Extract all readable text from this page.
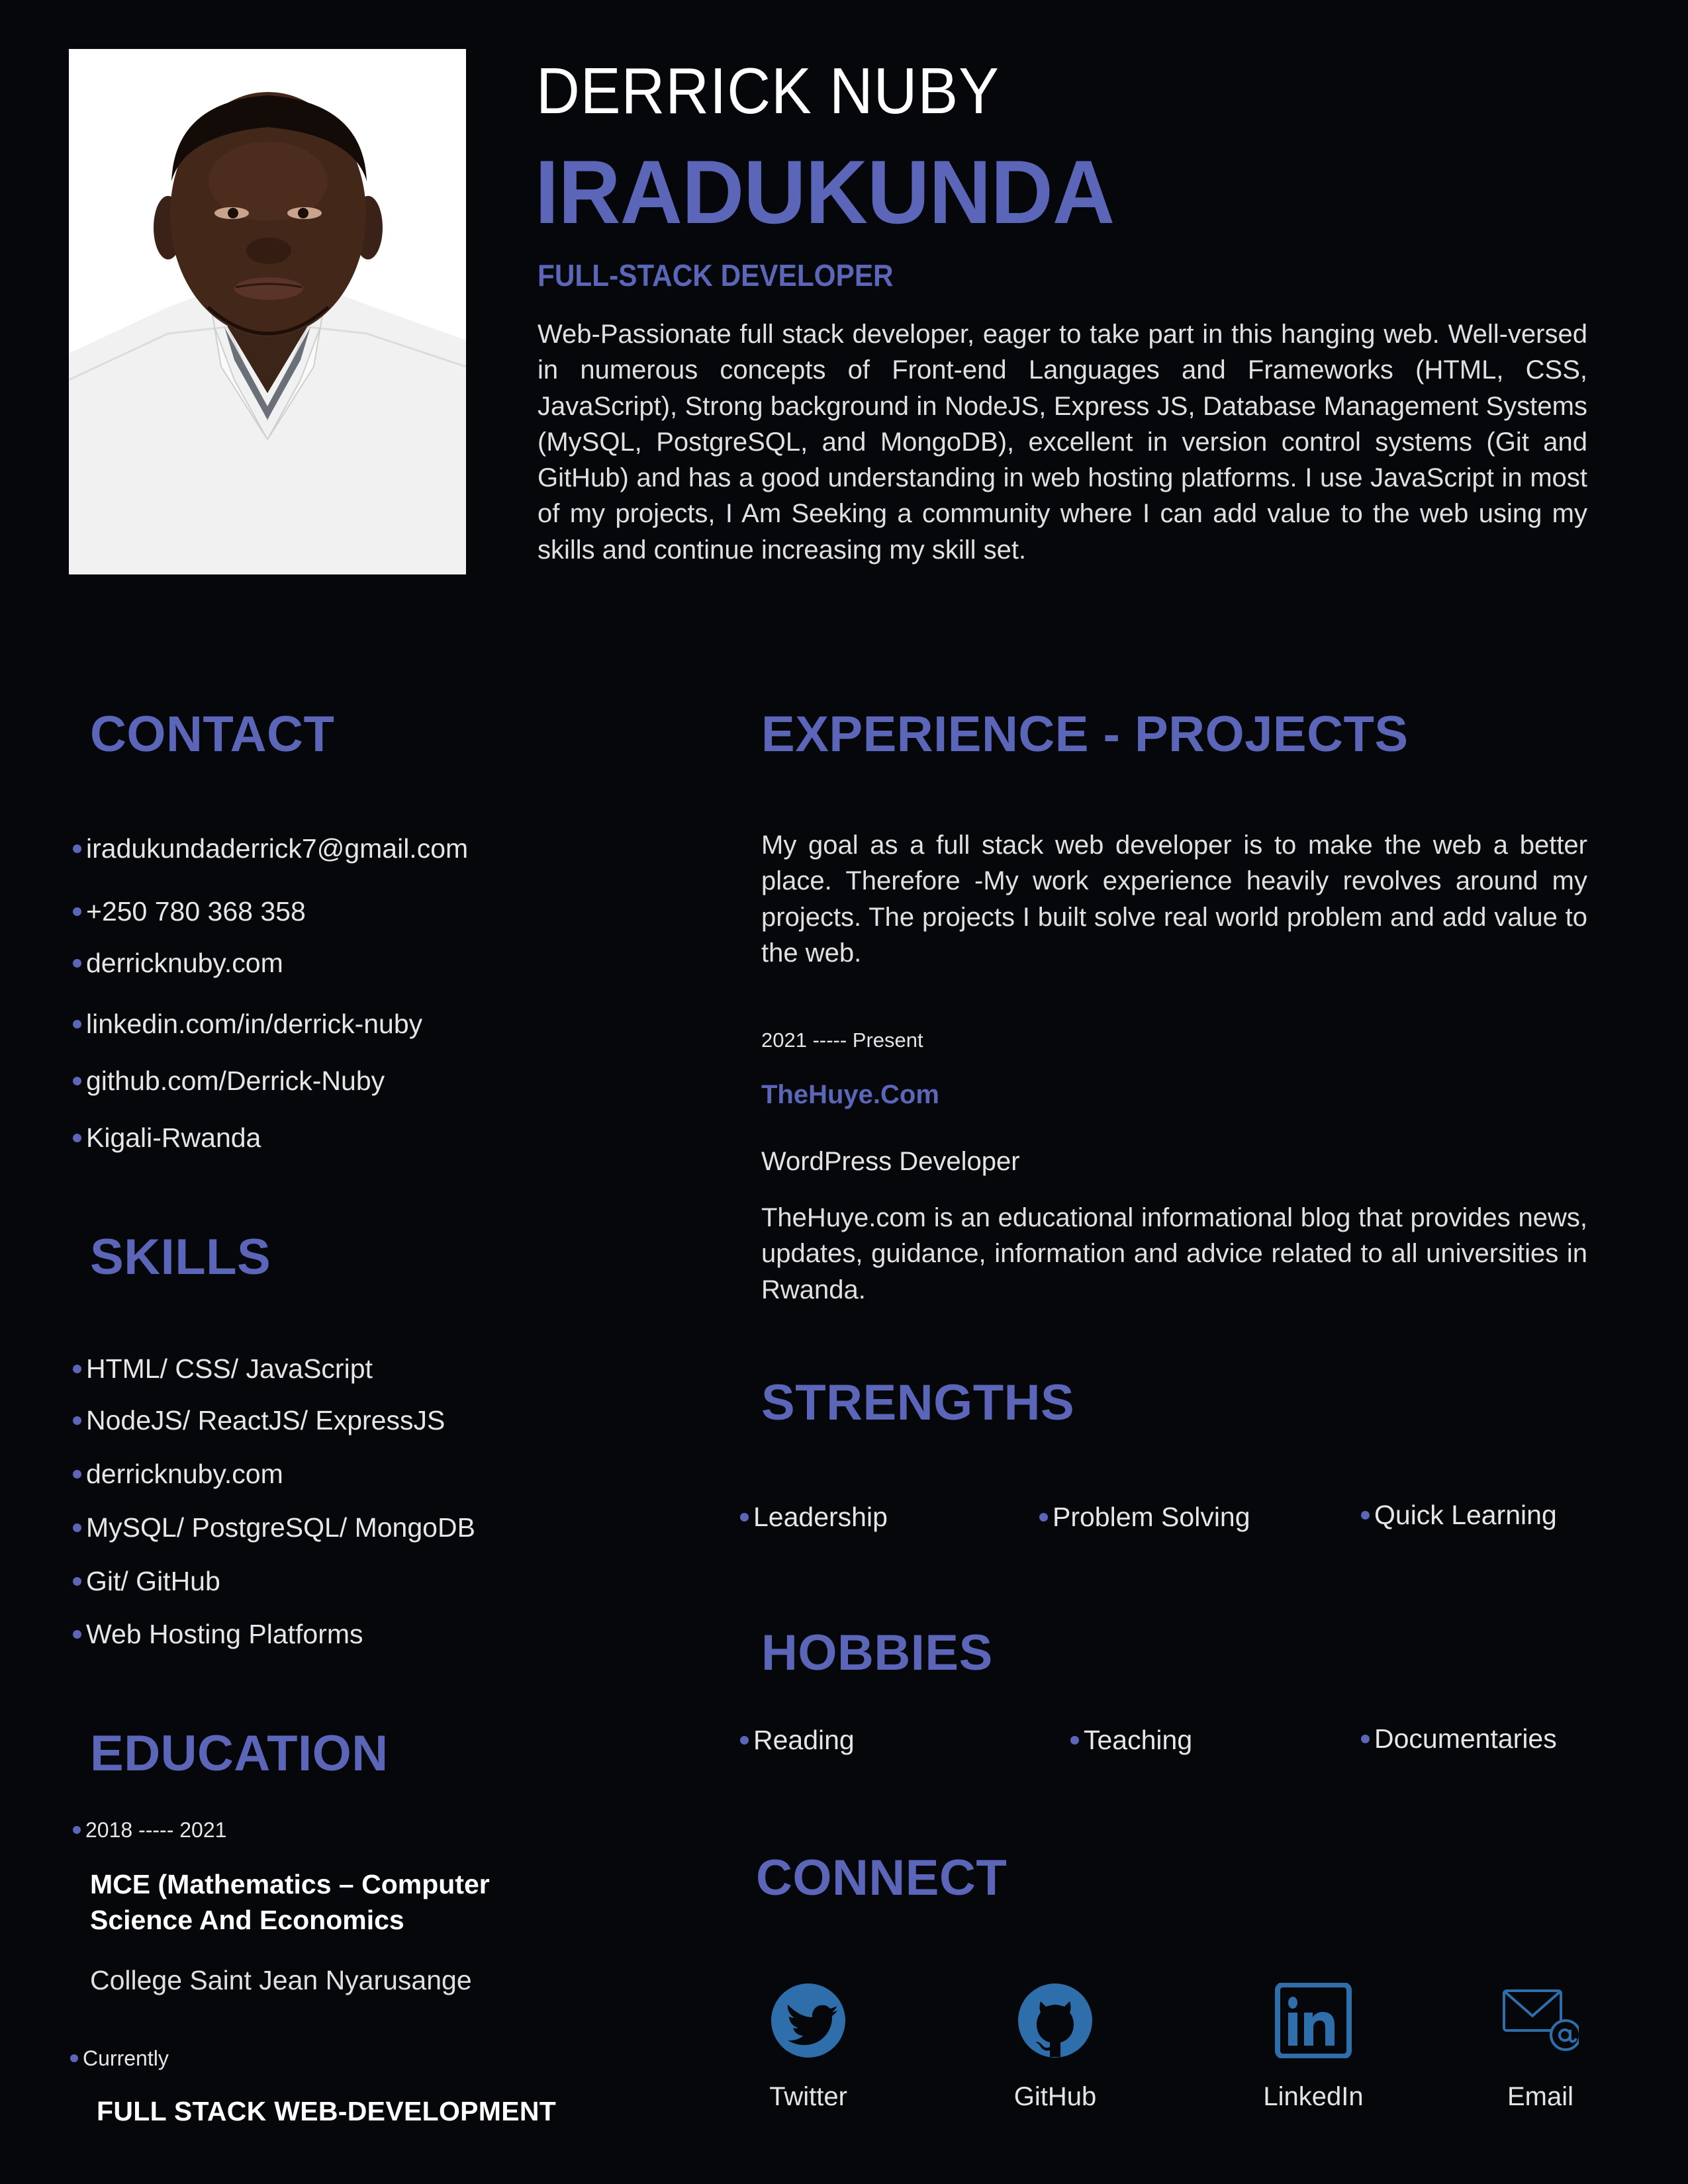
DERRICK NUBY
IRADUKUNDA
FULL-STACK DEVELOPER
Web-Passionate full stack developer, eager to take part in this hanging web. Well-versed in numerous concepts of Front-end Languages and Frameworks (HTML, CSS, JavaScript), Strong background in NodeJS, Express JS, Database Management Systems (MySQL, PostgreSQL, and MongoDB), excellent in version control systems (Git and GitHub) and has a good understanding in web hosting platforms. I use JavaScript in most of my projects, I Am Seeking a community where I can add value to the web using my skills and continue increasing my skill set.
CONTACT
iradukundaderrick7@gmail.com
+250 780 368 358
derricknuby.com
linkedin.com/in/derrick-nuby
github.com/Derrick-Nuby
Kigali-Rwanda
SKILLS
HTML/ CSS/ JavaScript
NodeJS/ ReactJS/ ExpressJS
derricknuby.com
MySQL/ PostgreSQL/ MongoDB
Git/ GitHub
Web Hosting Platforms
EDUCATION
2018 ----- 2021
MCE (Mathematics – Computer Science And Economics
College Saint Jean Nyarusange
Currently
FULL STACK WEB-DEVELOPMENT
EXPERIENCE - PROJECTS
My goal as a full stack web developer is to make the web a better place. Therefore -My work experience heavily revolves around my projects. The projects I built solve real world problem and add value to the web.
2021 ----- Present
TheHuye.Com
WordPress Developer
TheHuye.com is an educational informational blog that provides news, updates, guidance, information and advice related to all universities in Rwanda.
STRENGTHS
Leadership	Problem Solving	Quick Learning
HOBBIES
Reading	Teaching	Documentaries
CONNECT
Twitter	GitHub	LinkedIn	Email
